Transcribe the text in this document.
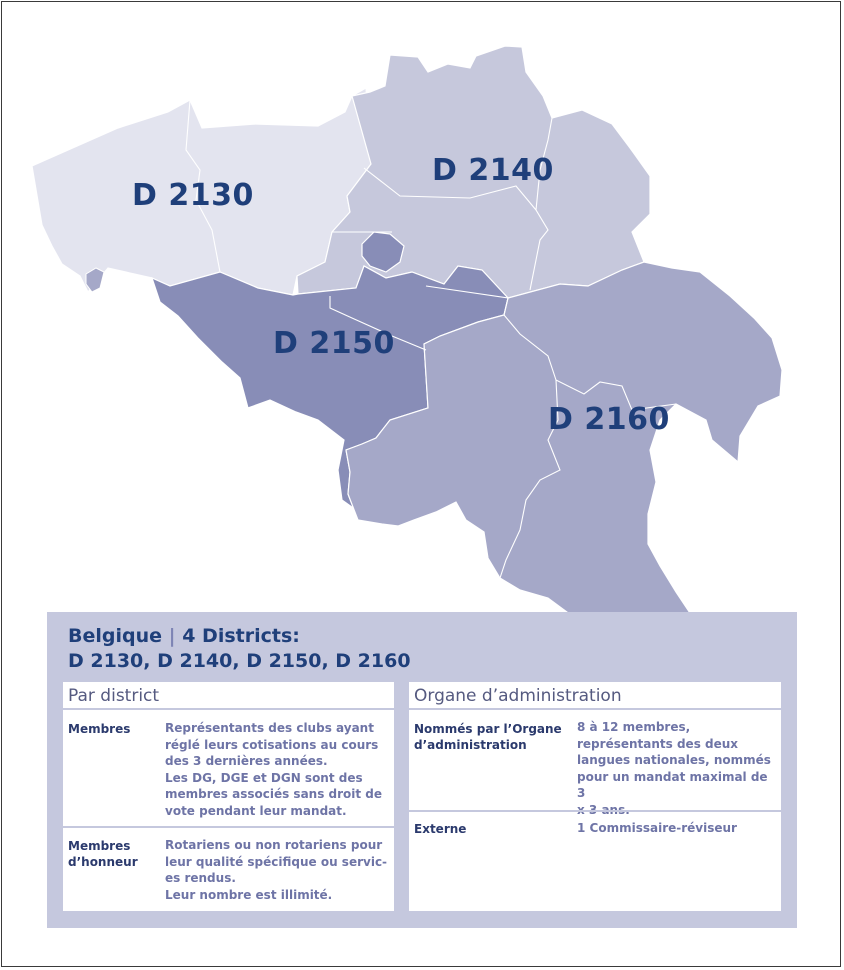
D 2130
D 2140
D 2150
D 2160
Belgique | 4 Districts:
D 2130, D 2140, D 2150, D 2160
Par district
Membres	Représentants des clubs ayant
réglé leurs cotisations au cours
des 3 dernières années.
Les DG, DGE et DGN sont des
membres associés sans droit de
vote pendant leur mandat.
Membres
d’honneur
Rotariens ou non rotariens pour
leur qualité spécifique ou servic-
es rendus.
Leur nombre est illimité.
Organe d’administration
Nommés par l’Organe
d’administration
8 à 12 membres,
représentants des deux
langues nationales, nommés
pour un mandat maximal de 3

Externe	1 Commissaire-réviseur
